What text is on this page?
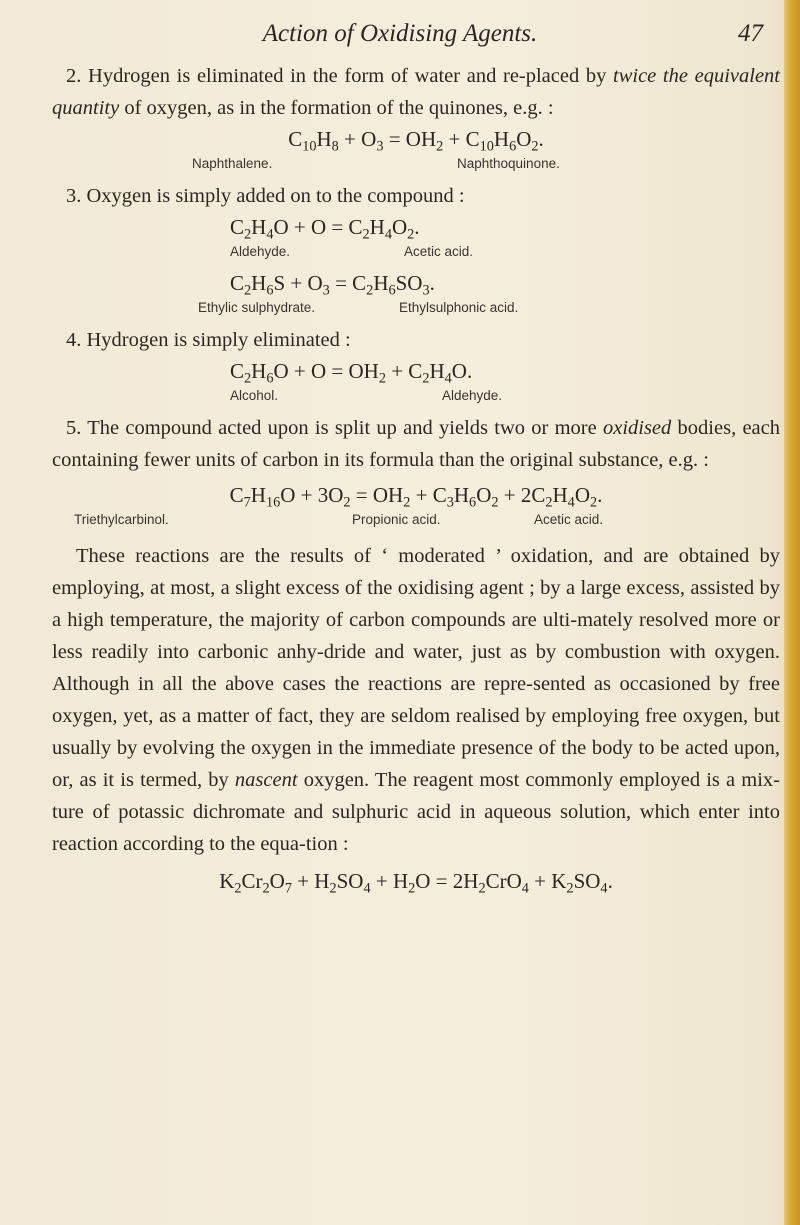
Action of Oxidising Agents.	47

2. Hydrogen is eliminated in the form of water and re-placed by twice the equivalent quantity of oxygen, as in the formation of the quinones, e.g. :

$C_{10}H_8 + O_3 = OH_2 + C_{10}H_6O_2$.
Naphthalene.	Naphthoquinone.

3. Oxygen is simply added on to the compound :

$C_2H_4O + O = C_2H_4O_2$.
Aldehyde.	Acetic acid.
$C_2H_6S + O_3 = C_2H_6SO_3$.
Ethylic sulphydrate.	Ethylsulphonic acid.

4. Hydrogen is simply eliminated :

$C_2H_6O + O = OH_2 + C_2H_4O$.
Alcohol.	Aldehyde.

5. The compound acted upon is split up and yields two or more oxidised bodies, each containing fewer units of carbon in its formula than the original substance, e.g. :

$C_7H_{16}O + 3O_2 = OH_2 + C_3H_6O_2 + 2C_2H_4O_2$.
Triethylcarbinol.	Propionic acid.	Acetic acid.

These reactions are the results of ‘ moderated ’ oxidation, and are obtained by employing, at most, a slight excess of the oxidising agent ; by a large excess, assisted by a high temperature, the majority of carbon compounds are ulti-mately resolved more or less readily into carbonic anhy-dride and water, just as by combustion with oxygen. Although in all the above cases the reactions are repre-sented as occasioned by free oxygen, yet, as a matter of fact, they are seldom realised by employing free oxygen, but usually by evolving the oxygen in the immediate presence of the body to be acted upon, or, as it is termed, by nascent oxygen. The reagent most commonly employed is a mix-ture of potassic dichromate and sulphuric acid in aqueous solution, which enter into reaction according to the equa-tion :

$K_2Cr_2O_7 + H_2SO_4 + H_2O = 2H_2CrO_4 + K_2SO_4$.
